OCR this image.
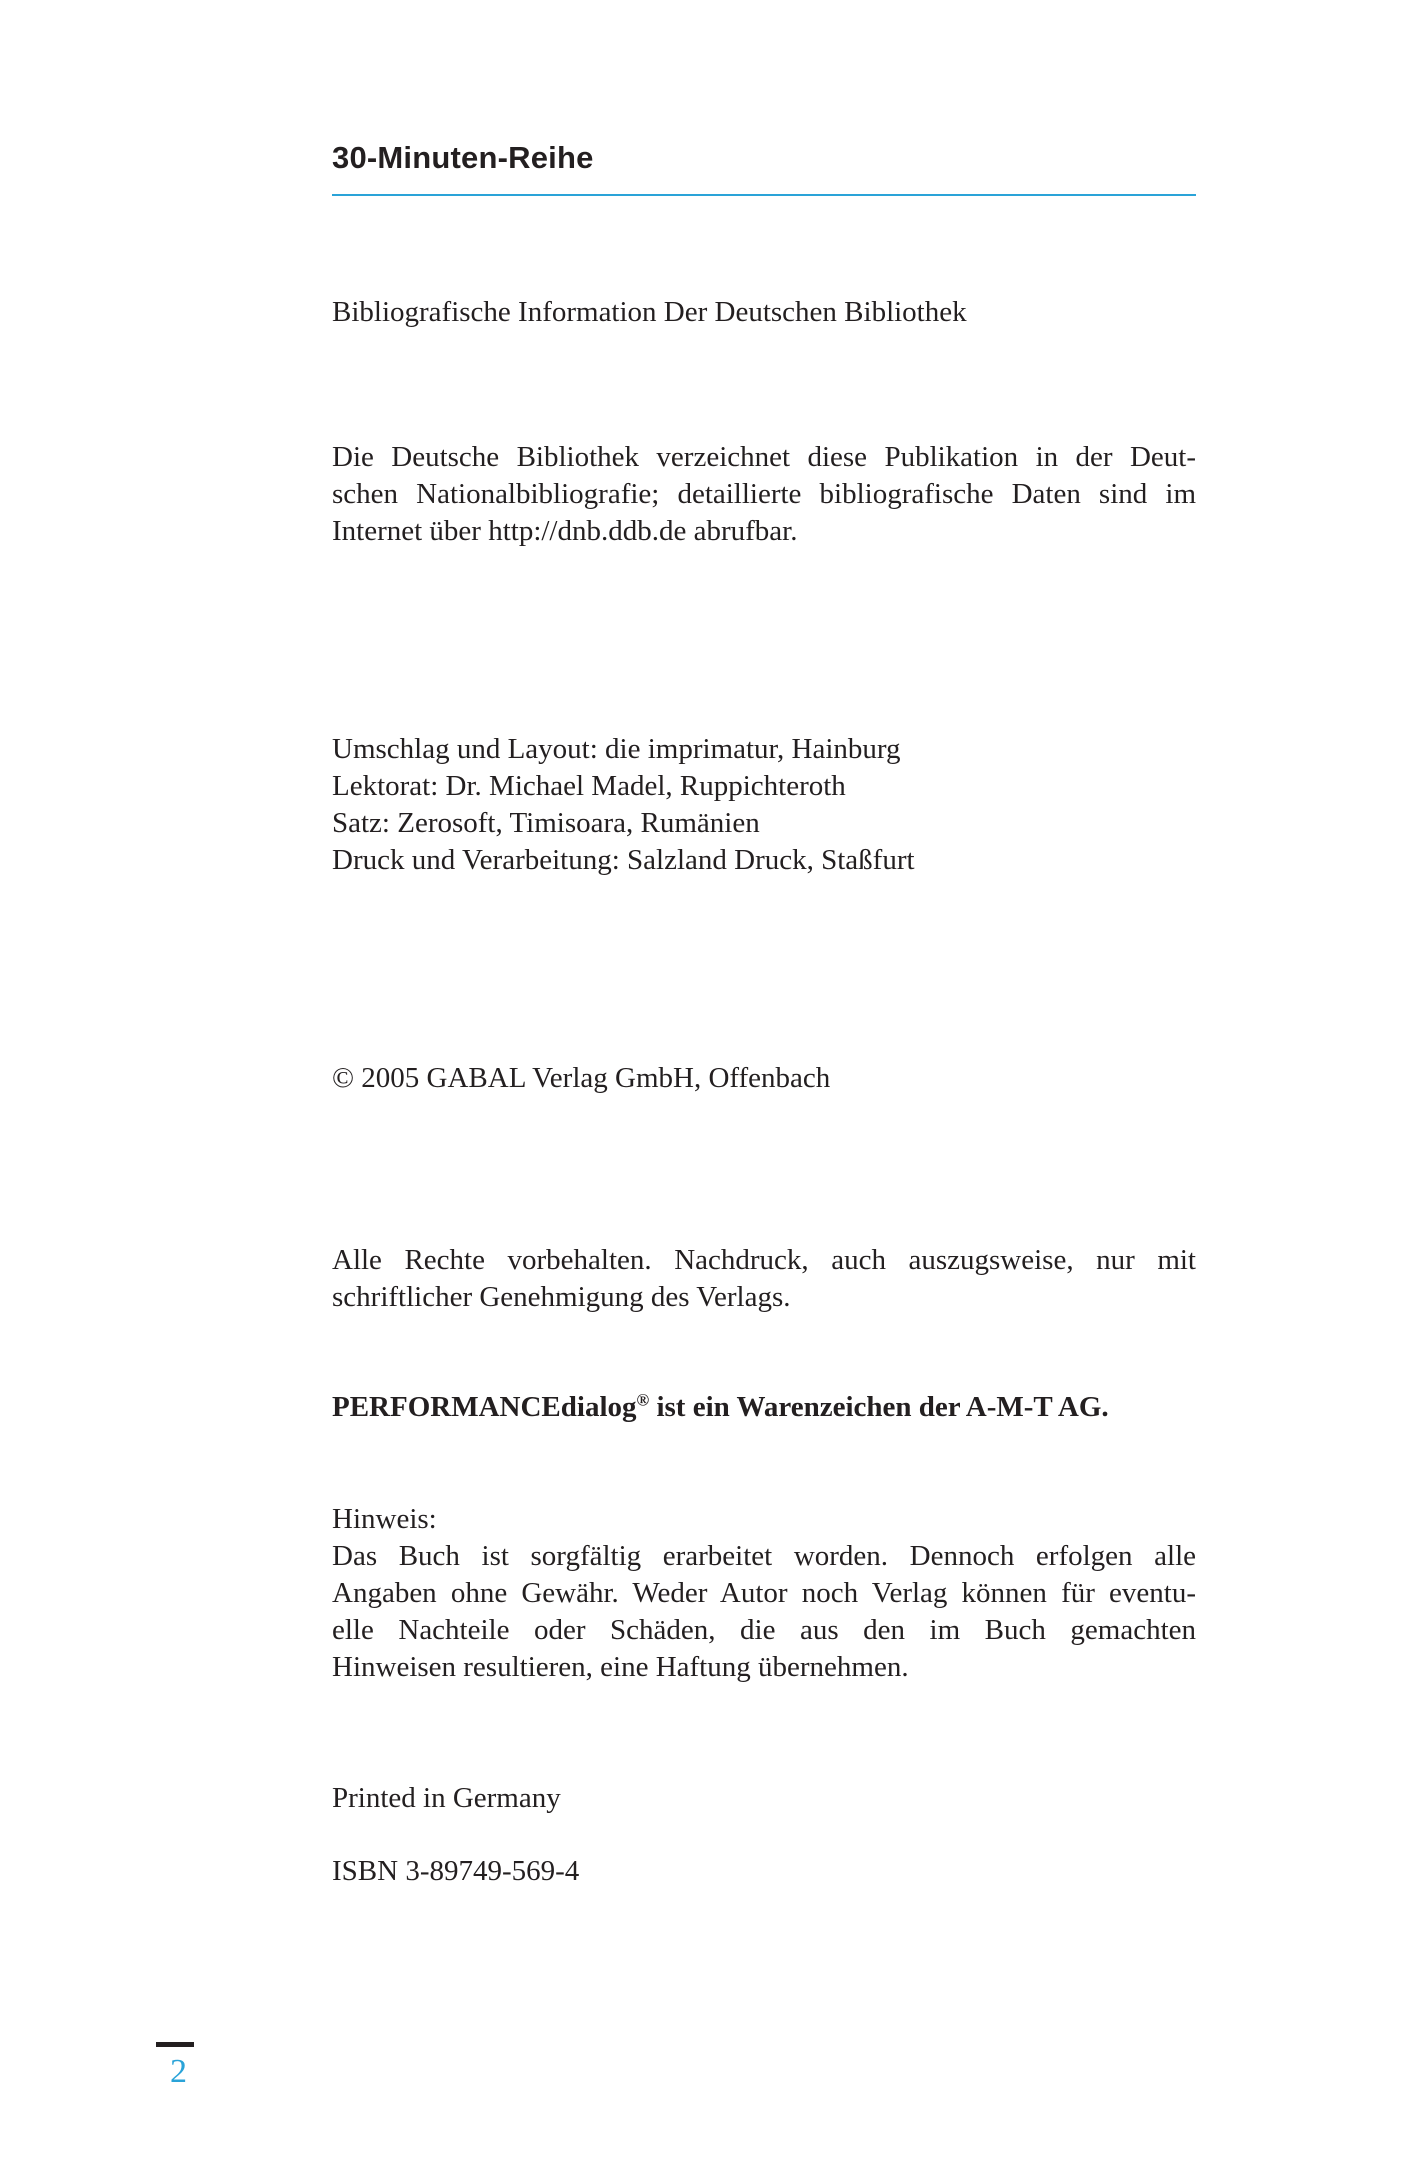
30-Minuten-Reihe
Bibliografische Information Der Deutschen Bibliothek
Die Deutsche Bibliothek verzeichnet diese Publikation in der Deut-
schen Nationalbibliografie; detaillierte bibliografische Daten sind im
Internet über http://dnb.ddb.de abrufbar.
Umschlag und Layout: die imprimatur, Hainburg
Lektorat: Dr. Michael Madel, Ruppichteroth
Satz: Zerosoft, Timisoara, Rumänien
Druck und Verarbeitung: Salzland Druck, Staßfurt
© 2005 GABAL Verlag GmbH, Offenbach
Alle Rechte vorbehalten. Nachdruck, auch auszugsweise, nur mit
schriftlicher Genehmigung des Verlags.
PERFORMANCEdialog® ist ein Warenzeichen der A-M-T AG.
Hinweis:
Das Buch ist sorgfältig erarbeitet worden. Dennoch erfolgen alle
Angaben ohne Gewähr. Weder Autor noch Verlag können für eventu-
elle Nachteile oder Schäden, die aus den im Buch gemachten
Hinweisen resultieren, eine Haftung übernehmen.
Printed in Germany
ISBN 3-89749-569-4
2
